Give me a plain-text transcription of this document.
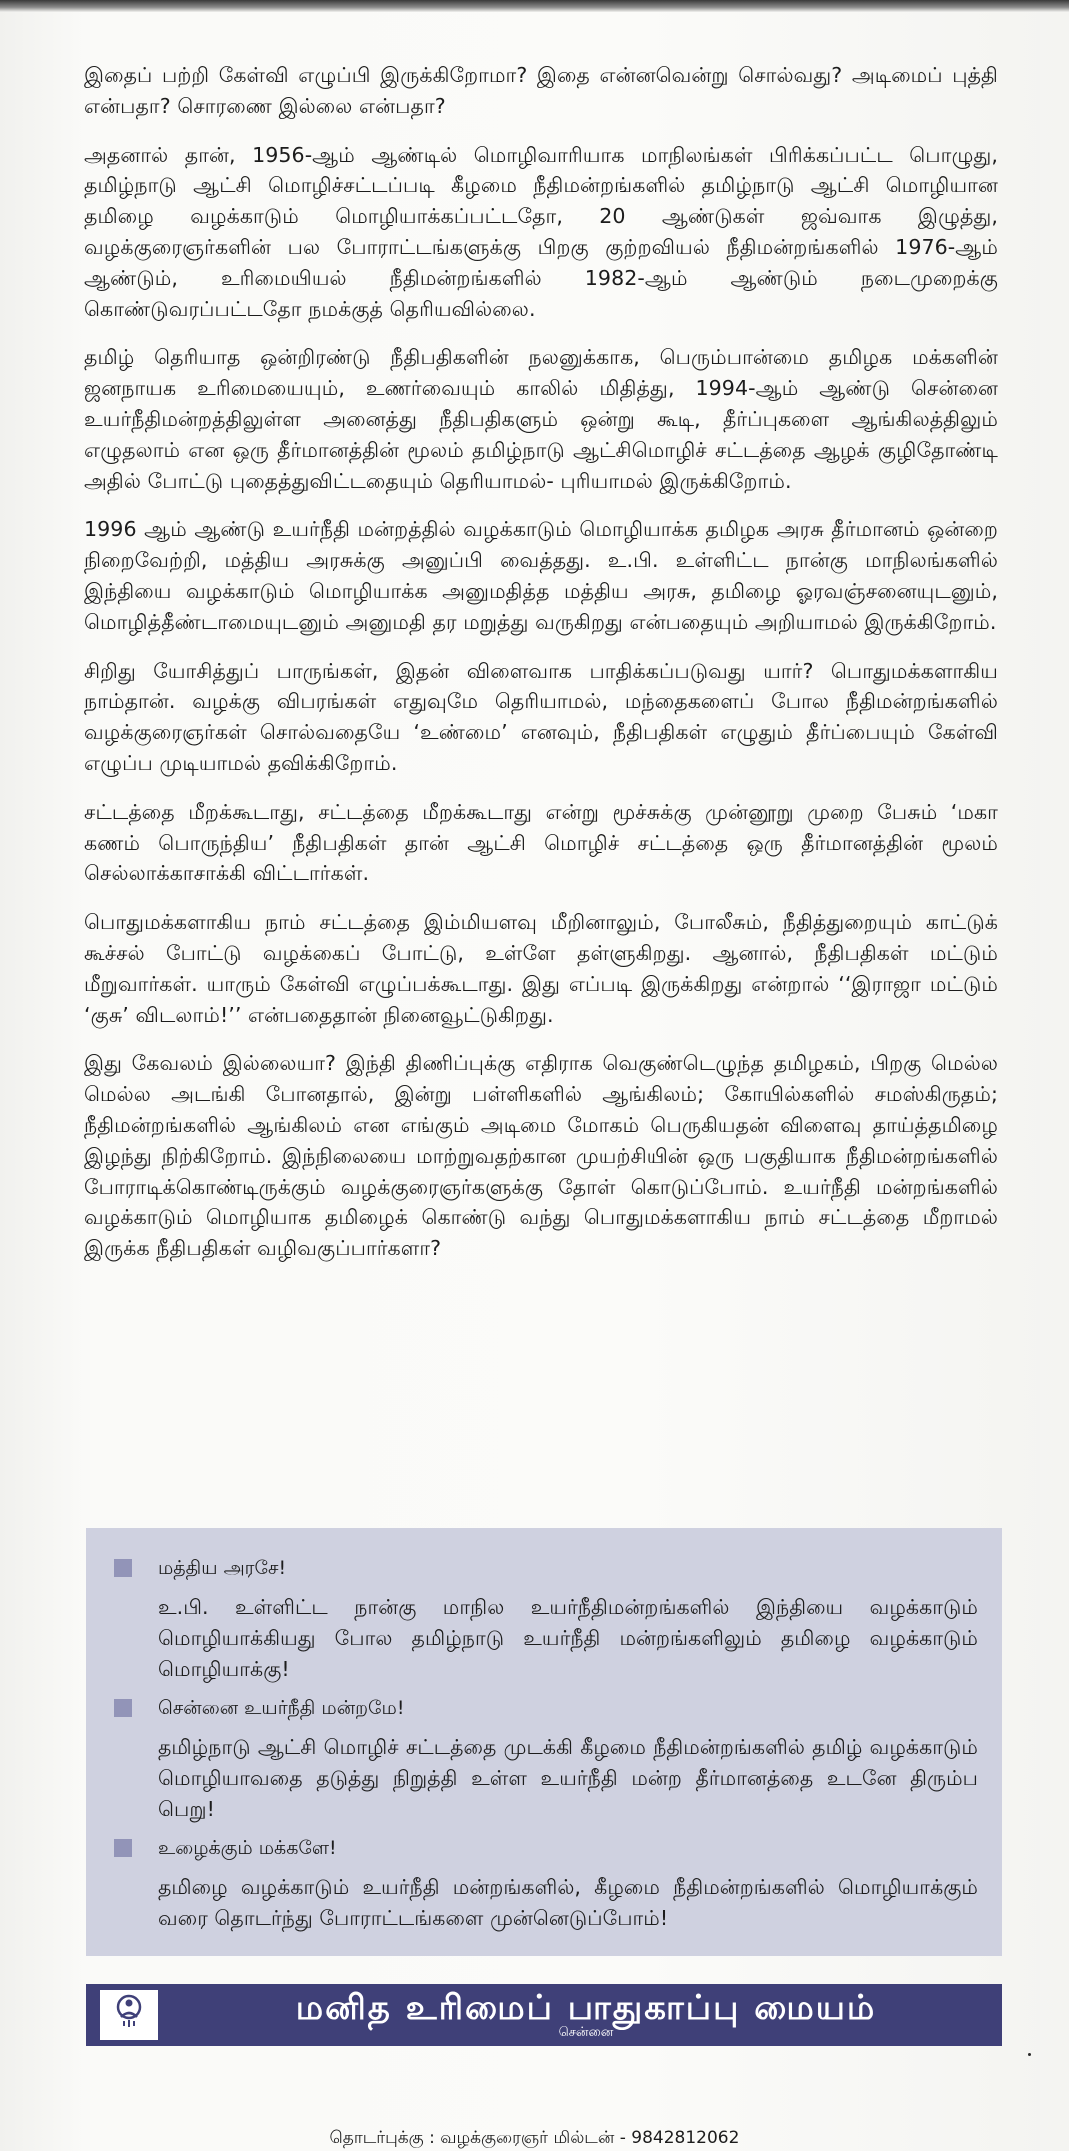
இதைப் பற்றி கேள்வி எழுப்பி இருக்கிறோமா? இதை என்னவென்று சொல்வது? அடிமைப் புத்தி என்பதா? சொரணை இல்லை என்பதா?

அதனால் தான், 1956-ஆம் ஆண்டில் மொழிவாரியாக மாநிலங்கள் பிரிக்கப்பட்ட பொழுது, தமிழ்நாடு ஆட்சி மொழிச்சட்டப்படி கீழமை நீதிமன்றங்களில் தமிழ்நாடு ஆட்சி மொழியான தமிழை வழக்காடும் மொழியாக்கப்பட்டதோ, 20 ஆண்டுகள் ஜவ்வாக இழுத்து, வழக்குரைஞர்களின் பல போராட்டங்களுக்கு பிறகு குற்றவியல் நீதிமன்றங்களில் 1976-ஆம் ஆண்டும், உரிமையியல் நீதிமன்றங்களில் 1982-ஆம் ஆண்டும் நடைமுறைக்கு கொண்டுவரப்பட்டதோ நமக்குத் தெரியவில்லை.

தமிழ் தெரியாத ஒன்றிரண்டு நீதிபதிகளின் நலனுக்காக, பெரும்பான்மை தமிழக மக்களின் ஜனநாயக உரிமையையும், உணர்வையும் காலில் மிதித்து, 1994-ஆம் ஆண்டு சென்னை உயர்நீதிமன்றத்திலுள்ள அனைத்து நீதிபதிகளும் ஒன்று கூடி, தீர்ப்புகளை ஆங்கிலத்திலும் எழுதலாம் என ஒரு தீர்மானத்தின் மூலம் தமிழ்நாடு ஆட்சிமொழிச் சட்டத்தை ஆழக் குழிதோண்டி அதில் போட்டு புதைத்துவிட்டதையும் தெரியாமல்- புரியாமல் இருக்கிறோம்.

1996 ஆம் ஆண்டு உயர்நீதி மன்றத்தில் வழக்காடும் மொழியாக்க தமிழக அரசு தீர்மானம் ஒன்றை நிறைவேற்றி, மத்திய அரசுக்கு அனுப்பி வைத்தது. உ.பி. உள்ளிட்ட நான்கு மாநிலங்களில் இந்தியை வழக்காடும் மொழியாக்க அனுமதித்த மத்திய அரசு, தமிழை ஓரவஞ்சனையுடனும், மொழித்தீண்டாமையுடனும் அனுமதி தர மறுத்து வருகிறது என்பதையும் அறியாமல் இருக்கிறோம்.

சிறிது யோசித்துப் பாருங்கள், இதன் விளைவாக பாதிக்கப்படுவது யார்? பொதுமக்களாகிய நாம்தான். வழக்கு விபரங்கள் எதுவுமே தெரியாமல், மந்தைகளைப் போல நீதிமன்றங்களில் வழக்குரைஞர்கள் சொல்வதையே ‘உண்மை’ எனவும், நீதிபதிகள் எழுதும் தீர்ப்பையும் கேள்வி எழுப்ப முடியாமல் தவிக்கிறோம்.

சட்டத்தை மீறக்கூடாது, சட்டத்தை மீறக்கூடாது என்று மூச்சுக்கு முன்னூறு முறை பேசும் ‘மகா கணம் பொருந்திய’ நீதிபதிகள் தான் ஆட்சி மொழிச் சட்டத்தை ஒரு தீர்மானத்தின் மூலம் செல்லாக்காசாக்கி விட்டார்கள்.

பொதுமக்களாகிய நாம் சட்டத்தை இம்மியளவு மீறினாலும், போலீசும், நீதித்துறையும் காட்டுக் கூச்சல் போட்டு வழக்கைப் போட்டு, உள்ளே தள்ளுகிறது. ஆனால், நீதிபதிகள் மட்டும் மீறுவார்கள். யாரும் கேள்வி எழுப்பக்கூடாது. இது எப்படி இருக்கிறது என்றால் ‘‘இராஜா மட்டும் ‘குசு’ விடலாம்!’’ என்பதைதான் நினைவூட்டுகிறது.

இது கேவலம் இல்லையா? இந்தி திணிப்புக்கு எதிராக வெகுண்டெழுந்த தமிழகம், பிறகு மெல்ல மெல்ல அடங்கி போனதால், இன்று பள்ளிகளில் ஆங்கிலம்; கோயில்களில் சமஸ்கிருதம்; நீதிமன்றங்களில் ஆங்கிலம் என எங்கும் அடிமை மோகம் பெருகியதன் விளைவு தாய்த்தமிழை இழந்து நிற்கிறோம். இந்நிலையை மாற்றுவதற்கான முயற்சியின் ஒரு பகுதியாக நீதிமன்றங்களில் போராடிக்கொண்டிருக்கும் வழக்குரைஞர்களுக்கு தோள் கொடுப்போம். உயர்நீதி மன்றங்களில் வழக்காடும் மொழியாக தமிழைக் கொண்டு வந்து பொதுமக்களாகிய நாம் சட்டத்தை மீறாமல் இருக்க நீதிபதிகள் வழிவகுப்பார்களா?

மத்திய அரசே!
உ.பி. உள்ளிட்ட நான்கு மாநில உயர்நீதிமன்றங்களில் இந்தியை வழக்காடும் மொழியாக்கியது போல தமிழ்நாடு உயர்நீதி மன்றங்களிலும் தமிழை வழக்காடும் மொழியாக்கு!
சென்னை உயர்நீதி மன்றமே!
தமிழ்நாடு ஆட்சி மொழிச் சட்டத்தை முடக்கி கீழமை நீதிமன்றங்களில் தமிழ் வழக்காடும் மொழியாவதை தடுத்து நிறுத்தி உள்ள உயர்நீதி மன்ற தீர்மானத்தை உடனே திரும்ப பெறு!
உழைக்கும் மக்களே!
தமிழை வழக்காடும் உயர்நீதி மன்றங்களில், கீழமை நீதிமன்றங்களில் மொழியாக்கும் வரை தொடர்ந்து போராட்டங்களை முன்னெடுப்போம்!
மனித உரிமைப் பாதுகாப்பு மையம்
சென்னை
தொடர்புக்கு : வழக்குரைஞர் மில்டன் - 9842812062
